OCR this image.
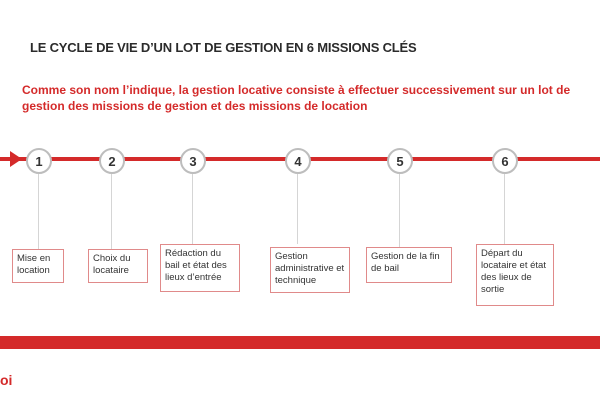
LE CYCLE DE VIE D’UN LOT DE GESTION EN 6 MISSIONS CLÉS
Comme son nom l’indique, la gestion locative consiste à effectuer successivement sur un lot de gestion des missions de gestion et des missions de location
1
Mise en location
2
Choix du locataire
3
Rédaction du bail et état des lieux d’entrée
4
Gestion administrative et technique
5
Gestion de la fin de bail
6
Départ du locataire et état des lieux de sortie
oi
